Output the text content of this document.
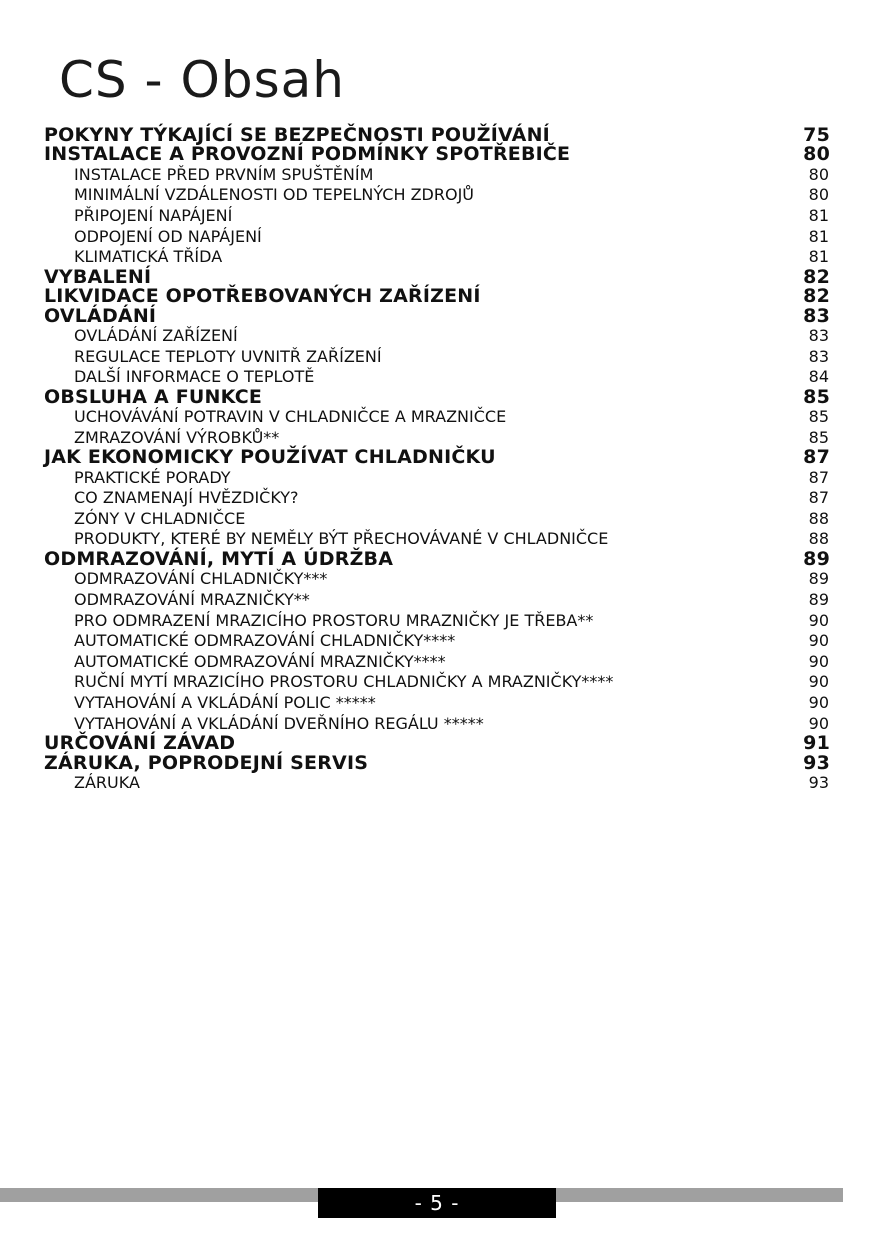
CS - Obsah
POKYNY TÝKAJÍCÍ SE BEZPEČNOSTI POUŽÍVÁNÍ	75
INSTALACE A PROVOZNÍ PODMÍNKY SPOTŘEBIČE	80
INSTALACE PŘED PRVNÍM SPUŠTĚNÍM	80
MINIMÁLNÍ VZDÁLENOSTI OD TEPELNÝCH ZDROJŮ	80
PŘIPOJENÍ NAPÁJENÍ	81
ODPOJENÍ OD NAPÁJENÍ	81
KLIMATICKÁ TŘÍDA	81
VYBALENÍ	82
LIKVIDACE OPOTŘEBOVANÝCH ZAŘÍZENÍ	82
OVLÁDÁNÍ	83
OVLÁDÁNÍ ZAŘÍZENÍ	83
REGULACE TEPLOTY UVNITŘ ZAŘÍZENÍ	83
DALŠÍ INFORMACE O TEPLOTĚ	84
OBSLUHA A FUNKCE	85
UCHOVÁVÁNÍ POTRAVIN V CHLADNIČCE A MRAZNIČCE	85
ZMRAZOVÁNÍ VÝROBKŮ**	85
JAK EKONOMICKY POUŽÍVAT CHLADNIČKU	87
PRAKTICKÉ PORADY	87
CO ZNAMENAJÍ HVĚZDIČKY?	87
ZÓNY V CHLADNIČCE	88
PRODUKTY, KTERÉ BY NEMĚLY BÝT PŘECHOVÁVANÉ V CHLADNIČCE	88
ODMRAZOVÁNÍ, MYTÍ A ÚDRŽBA	89
ODMRAZOVÁNÍ CHLADNIČKY***	89
ODMRAZOVÁNÍ MRAZNIČKY**	89
PRO ODMRAZENÍ MRAZICÍHO PROSTORU MRAZNIČKY JE TŘEBA**	90
AUTOMATICKÉ ODMRAZOVÁNÍ CHLADNIČKY****	90
AUTOMATICKÉ ODMRAZOVÁNÍ MRAZNIČKY****	90
RUČNÍ MYTÍ MRAZICÍHO PROSTORU CHLADNIČKY A MRAZNIČKY****	90
VYTAHOVÁNÍ A VKLÁDÁNÍ POLIC *****	90
VYTAHOVÁNÍ A VKLÁDÁNÍ DVEŘNÍHO REGÁLU *****	90
URČOVÁNÍ ZÁVAD	91
ZÁRUKA, POPRODEJNÍ SERVIS	93
ZÁRUKA	93
- 5 -
